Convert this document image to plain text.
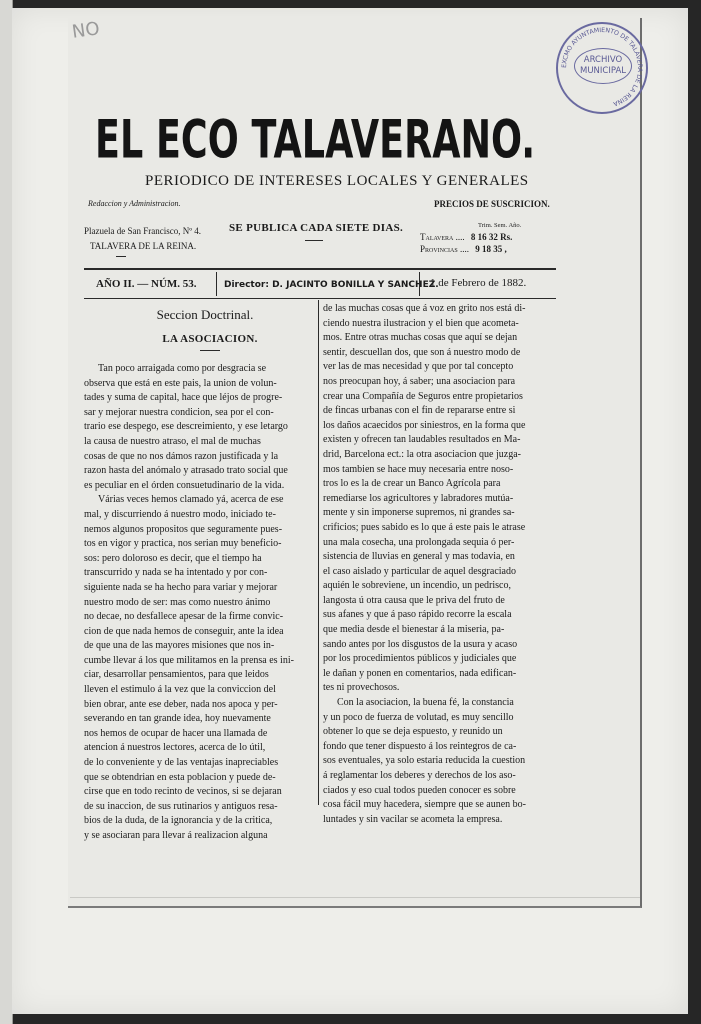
NO
EXCMO AYUNTAMIENTO DE TALAVERA DE LA REINA
ARCHIVO
MUNICIPAL
EL ECO TALAVERANO.
PERIODICO DE INTERESES LOCALES Y GENERALES
Redaccion y Administracion.
Plazuela de San Francisco, Nº 4.
TALAVERA DE LA REINA.
SE PUBLICA CADA SIETE DIAS.
PRECIOS DE SUSCRICION.
Trim. Sem. Año.
Talavera .... 8 16 32 Rs.
Provincias .... 9 18 35 ,
AÑO II. — NÚM. 53.	Director: D. JACINTO BONILLA Y SANCHEZ.
1 de Febrero de 1882.
Seccion Doctrinal.
LA ASOCIACION.
Tan poco arraigada como por desgracia se
observa que está en este pais, la union de volun-
tades y suma de capital, hace que léjos de progre-
sar y mejorar nuestra condicion, sea por el con-
trario ese despego, ese descreimiento, y ese letargo
la causa de nuestro atraso, el mal de muchas
cosas de que no nos dámos razon justificada y la
razon hasta del anómalo y atrasado trato social que
es peculiar en el órden consuetudinario de la vida.
Várias veces hemos clamado yá, acerca de ese
mal, y discurriendo á nuestro modo, iniciado te-
nemos algunos propositos que seguramente pues-
tos en vigor y practica, nos serian muy beneficio-
sos: pero doloroso es decir, que el tiempo ha
transcurrido y nada se ha intentado y por con-
siguiente nada se ha hecho para variar y mejorar
nuestro modo de ser: mas como nuestro ánimo
no decae, no desfallece apesar de la firme convic-
cion de que nada hemos de conseguir, ante la idea
de que una de las mayores misiones que nos in-
cumbe llevar á los que militamos en la prensa es ini-
ciar, desarrollar pensamientos, para que leidos
lleven el estimulo á la vez que la conviccion del
bien obrar, ante ese deber, nada nos apoca y per-
severando en tan grande idea, hoy nuevamente
nos hemos de ocupar de hacer una llamada de
atencion á nuestros lectores, acerca de lo útil,
de lo conveniente y de las ventajas inapreciables
que se obtendrian en esta poblacion y puede de-
cirse que en todo recinto de vecinos, si se dejaran
de su inaccion, de sus rutinarios y antiguos resa-
bios de la duda, de la ignorancia y de la critica,
y se asociaran para llevar á realizacion alguna
de las muchas cosas que á voz en grito nos está di-
ciendo nuestra ilustracion y el bien que acometa-
mos. Entre otras muchas cosas que aquí se dejan
sentir, descuellan dos, que son á nuestro modo de
ver las de mas necesidad y que por tal concepto
nos preocupan hoy, á saber; una asociacion para
crear una Compañía de Seguros entre propietarios
de fincas urbanas con el fin de repararse entre si
los daños acaecidos por siniestros, en la forma que
existen y ofrecen tan laudables resultados en Ma-
drid, Barcelona ect.: la otra asociacion que juzga-
mos tambien se hace muy necesaria entre noso-
tros lo es la de crear un Banco Agrícola para
remediarse los agricultores y labradores mutúa-
mente y sin imponerse supremos, ni grandes sa-
crificios; pues sabido es lo que á este pais le atrase
una mala cosecha, una prolongada sequia ó per-
sistencia de lluvias en general y mas todavia, en
el caso aislado y particular de aquel desgraciado
aquién le sobreviene, un incendio, un pedrisco,
langosta ú otra causa que le priva del fruto de
sus afanes y que á paso rápido recorre la escala
que media desde el bienestar á la miseria, pa-
sando antes por los disgustos de la usura y acaso
por los procedimientos públicos y judiciales que
le dañan y ponen en comentarios, nada edifican-
tes ni provechosos.
Con la asociacion, la buena fé, la constancia
y un poco de fuerza de volutad, es muy sencillo
obtener lo que se deja espuesto, y reunido un
fondo que tener dispuesto á los reintegros de ca-
sos eventuales, ya solo estaria reducida la cuestion
á reglamentar los deberes y derechos de los aso-
ciados y eso cual todos pueden conocer es sobre
cosa fácil muy hacedera, siempre que se aunen bo-
luntades y sin vacilar se acometa la empresa.
